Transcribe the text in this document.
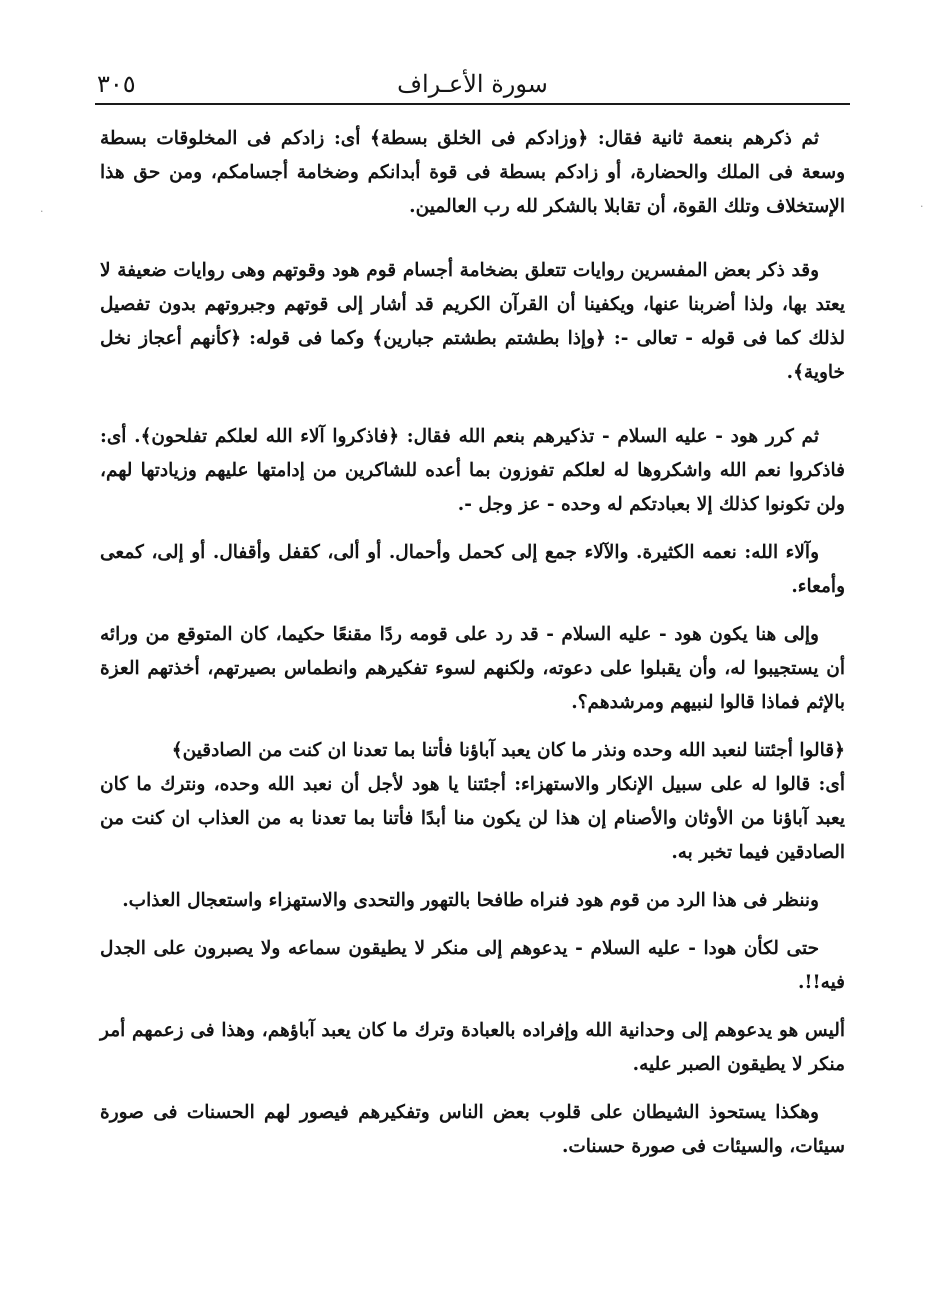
٣٠٥	سورة الأعـراف

ثم ذكرهم بنعمة ثانية فقال: ﴿وزادكم فى الخلق بسطة﴾ أى: زادكم فى المخلوقات بسطة وسعة فى الملك والحضارة، أو زادكم بسطة فى قوة أبدانكم وضخامة أجسامكم، ومن حق هذا الإستخلاف وتلك القوة، أن تقابلا بالشكر لله رب العالمين.

وقد ذكر بعض المفسرين روايات تتعلق بضخامة أجسام قوم هود وقوتهم وهى روايات ضعيفة لا يعتد بها، ولذا أضربنا عنها، ويكفينا أن القرآن الكريم قد أشار إلى قوتهم وجبروتهم بدون تفصيل لذلك كما فى قوله - تعالى -: ﴿وإذا بطشتم بطشتم جبارين﴾ وكما فى قوله: ﴿كأنهم أعجاز نخل خاوية﴾.

ثم كرر هود - عليه السلام - تذكيرهم بنعم الله فقال: ﴿فاذكروا آلاء الله لعلكم تفلحون﴾. أى: فاذكروا نعم الله واشكروها له لعلكم تفوزون بما أعده للشاكرين من إدامتها عليهم وزيادتها لهم، ولن تكونوا كذلك إلا بعبادتكم له وحده - عز وجل -.

وآلاء الله: نعمه الكثيرة. والآلاء جمع إلى كحمل وأحمال. أو ألى، كقفل وأقفال. أو إلى، كمعى وأمعاء.

وإلى هنا يكون هود - عليه السلام - قد رد على قومه ردًا مقنعًا حكيما، كان المتوقع من ورائه أن يستجيبوا له، وأن يقبلوا على دعوته، ولكنهم لسوء تفكيرهم وانطماس بصيرتهم، أخذتهم العزة بالإثم فماذا قالوا لنبيهم ومرشدهم؟.

﴿قالوا أجئتنا لنعبد الله وحده ونذر ما كان يعبد آباؤنا فأتنا بما تعدنا ان كنت من الصادقين﴾

أى: قالوا له على سبيل الإنكار والاستهزاء: أجئتنا يا هود لأجل أن نعبد الله وحده، ونترك ما كان يعبد آباؤنا من الأوثان والأصنام إن هذا لن يكون منا أبدًا فأتنا بما تعدنا به من العذاب ان كنت من الصادقين فيما تخبر به.

وننظر فى هذا الرد من قوم هود فنراه طافحا بالتهور والتحدى والاستهزاء واستعجال العذاب.

حتى لكأن هودا - عليه السلام - يدعوهم إلى منكر لا يطيقون سماعه ولا يصبرون على الجدل فيه!!.

أليس هو يدعوهم إلى وحدانية الله وإفراده بالعبادة وترك ما كان يعبد آباؤهم، وهذا فى زعمهم أمر منكر لا يطيقون الصبر عليه.

وهكذا يستحوذ الشيطان على قلوب بعض الناس وتفكيرهم فيصور لهم الحسنات فى صورة سيئات، والسيئات فى صورة حسنات.

·
·
